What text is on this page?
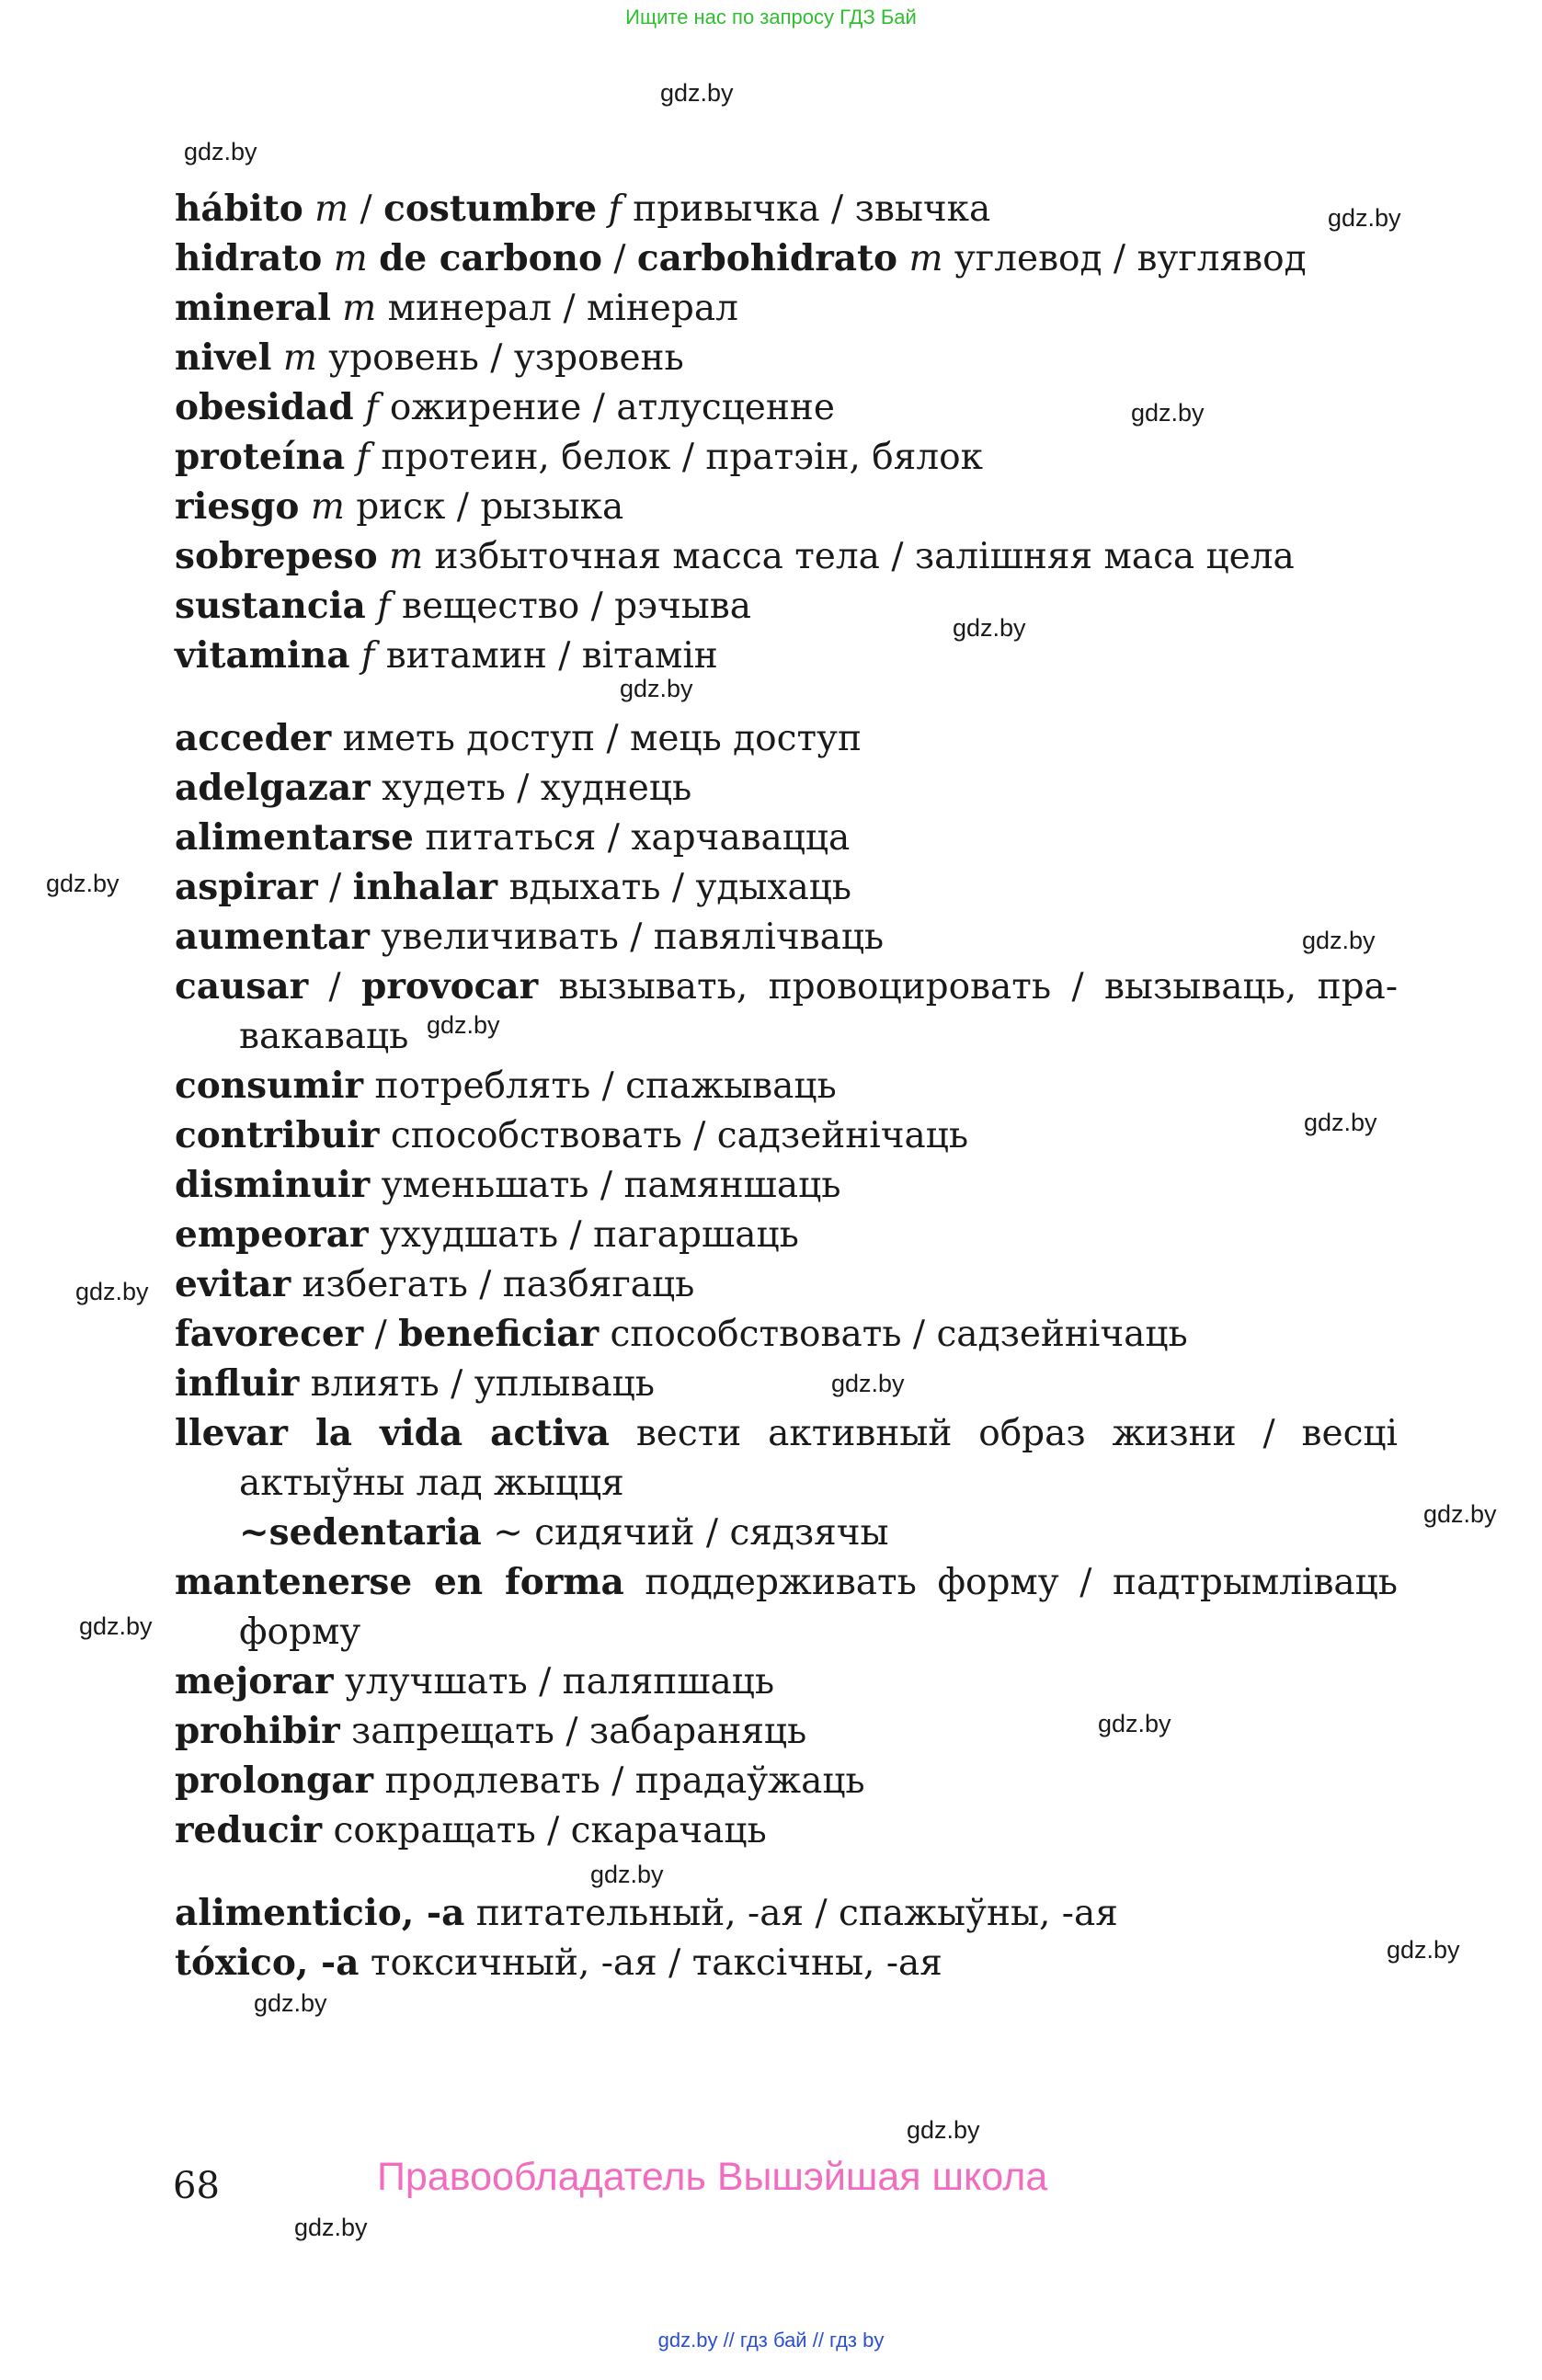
Ищите нас по запросу ГДЗ Бай
gdz.by
gdz.by
gdz.by
gdz.by
gdz.by
gdz.by
gdz.by
gdz.by
gdz.by
gdz.by
gdz.by
gdz.by
gdz.by
gdz.by
gdz.by
gdz.by
gdz.by
gdz.by
gdz.by
gdz.by
hábito m / costumbre f привычка / звычка
hidrato m de carbono / carbohidrato m углевод / вуглявод
mineral m минерал / мінерал
nivel m уровень / узровень
obesidad f ожирение / атлусценне
proteína f протеин, белок / пратэін, бялок
riesgo m риск / рызыка
sobrepeso m избыточная масса тела / залішняя маса цела
sustancia f вещество / рэчыва
vitamina f витамин / вітамін
acceder иметь доступ / мець доступ
adelgazar худеть / худнець
alimentarse питаться / харчавацца
aspirar / inhalar вдыхать / удыхаць
aumentar увеличивать / павялічваць
causar / provocar вызывать, провоцировать / вызываць, правакаваць
consumir потреблять / спажываць
contribuir способствовать / садзейнічаць
disminuir уменьшать / памяншаць
empeorar ухудшать / пагаршаць
evitar избегать / пазбягаць
favorecer / beneficiar способствовать / садзейнічаць
influir влиять / уплываць
llevar la vida activa вести активный образ жизни / весці актыўны лад жыцця
~sedentaria ~ сидячий / сядзячы
mantenerse en forma поддерживать форму / падтрымліваць форму
mejorar улучшать / паляпшаць
prohibir запрещать / забараняць
prolongar продлевать / прадаўжаць
reducir сокращать / скарачаць
alimenticio, -a питательный, -ая / спажыўны, -ая
tóxico, -a токсичный, -ая / таксічны, -ая
68	Правообладатель Вышэйшая школа
gdz.by // гдз бай // гдз by
